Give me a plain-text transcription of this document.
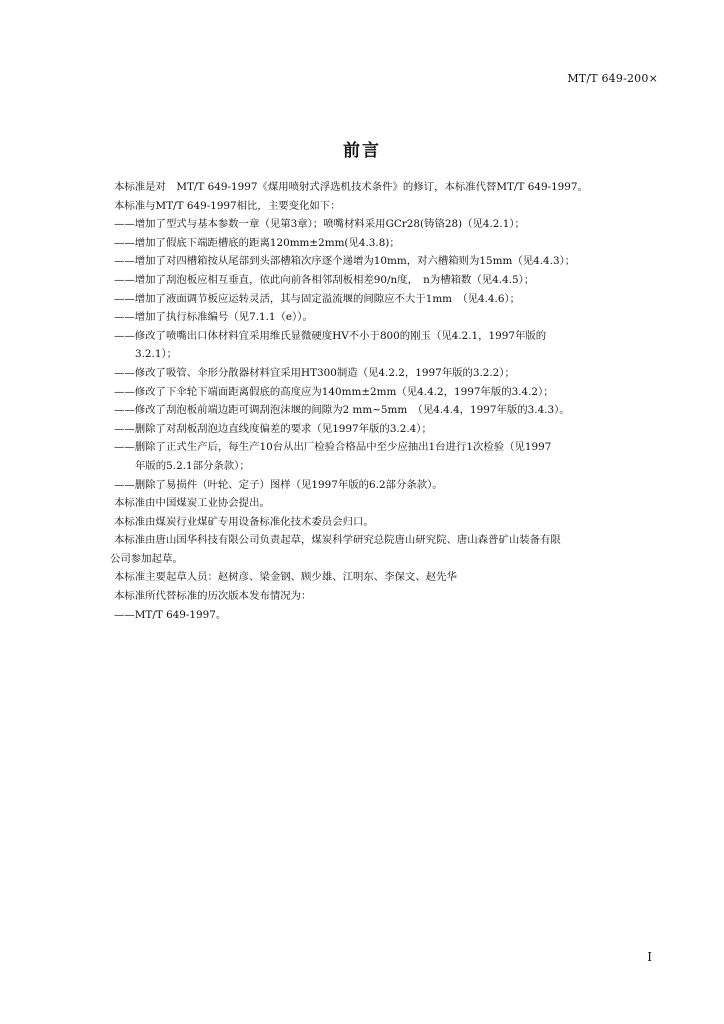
MT/T 649-200×
前言

本标准是对　MT/T 649-1997《煤用喷射式浮选机技术条件》的修订，本标准代替MT/T 649-1997。

本标准与MT/T 649-1997相比，主要变化如下：

——增加了型式与基本参数一章（见第3章）；喷嘴材料采用GCr28(铸铬28)（见4.2.1）；

——增加了假底下端距槽底的距离120mm±2mm(见4.3.8)；

——增加了对四槽箱按从尾部到头部槽箱次序逐个递增为10mm，对六槽箱则为15mm（见4.4.3）；

——增加了刮泡板应相互垂直，依此向前各相邻刮板相差90/n度，　n为槽箱数（见4.4.5）；

——增加了液面调节板应运转灵活，其与固定溢流堰的间隙应不大于1mm　（见4.4.6）；

——增加了执行标准编号（见7.1.1（e））。

——修改了喷嘴出口体材料宜采用维氏显微硬度HV不小于800的刚玉（见4.2.1，1997年版的

3.2.1）；

——修改了吸管、伞形分散器材料宜采用HT300制造（见4.2.2，1997年版的3.2.2）；

——修改了下伞轮下端面距离假底的高度应为140mm±2mm（见4.4.2，1997年版的3.4.2）；

——修改了刮泡板前端边距可调刮泡沫堰的间隙为2 mm~5mm　（见4.4.4，1997年版的3.4.3）。

——删除了对刮板刮泡边直线度偏差的要求（见1997年版的3.2.4）；

——删除了正式生产后，每生产10台从出厂检验合格品中至少应抽出1台进行1次检验（见1997

年版的5.2.1部分条款）；

——删除了易损件（叶轮、定子）图样（见1997年版的6.2部分条款）。

本标准由中国煤炭工业协会提出。

本标准由煤炭行业煤矿专用设备标准化技术委员会归口。

本标准由唐山国华科技有限公司负责起草，煤炭科学研究总院唐山研究院、唐山森普矿山装备有限

公司参加起草。

本标准主要起草人员：赵树彦、梁金钢、顾少雄、江明东、李保文、赵先华

本标准所代替标准的历次版本发布情况为：

——MT/T 649-1997。

I
